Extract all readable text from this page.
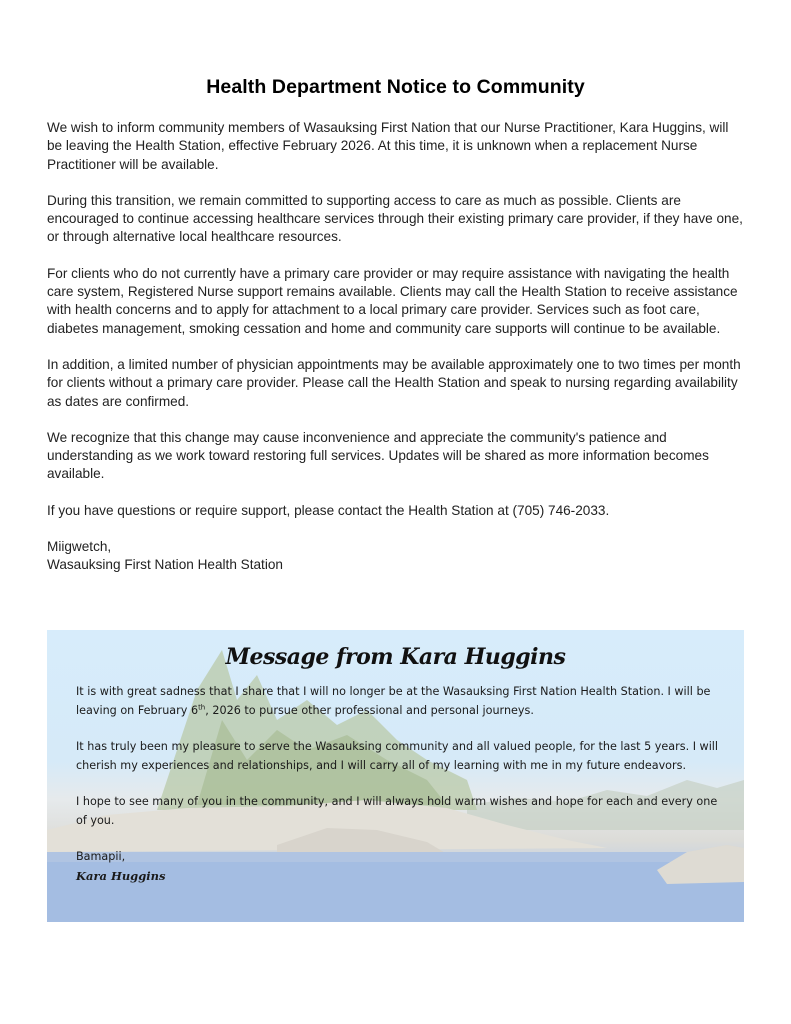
Health Department Notice to Community

We wish to inform community members of Wasauksing First Nation that our Nurse Practitioner, Kara Huggins, will be leaving the Health Station, effective February 2026. At this time, it is unknown when a replacement Nurse Practitioner will be available.

During this transition, we remain committed to supporting access to care as much as possible. Clients are encouraged to continue accessing healthcare services through their existing primary care provider, if they have one, or through alternative local healthcare resources.

For clients who do not currently have a primary care provider or may require assistance with navigating the health care system, Registered Nurse support remains available. Clients may call the Health Station to receive assistance with health concerns and to apply for attachment to a local primary care provider. Services such as foot care, diabetes management, smoking cessation and home and community care supports will continue to be available.

In addition, a limited number of physician appointments may be available approximately one to two times per month for clients without a primary care provider. Please call the Health Station and speak to nursing regarding availability as dates are confirmed.

We recognize that this change may cause inconvenience and appreciate the community's patience and understanding as we work toward restoring full services. Updates will be shared as more information becomes available.

If you have questions or require support, please contact the Health Station at (705) 746-2033.

Miigwetch,

Wasauksing First Nation Health Station

Message from Kara Huggins

It is with great sadness that I share that I will no longer be at the Wasauksing First Nation Health Station. I will be leaving on February 6th, 2026 to pursue other professional and personal journeys.

It has truly been my pleasure to serve the Wasauksing community and all valued people, for the last 5 years. I will cherish my experiences and relationships, and I will carry all of my learning with me in my future endeavors.

I hope to see many of you in the community, and I will always hold warm wishes and hope for each and every one of you.

Bamapii,

Kara Huggins
